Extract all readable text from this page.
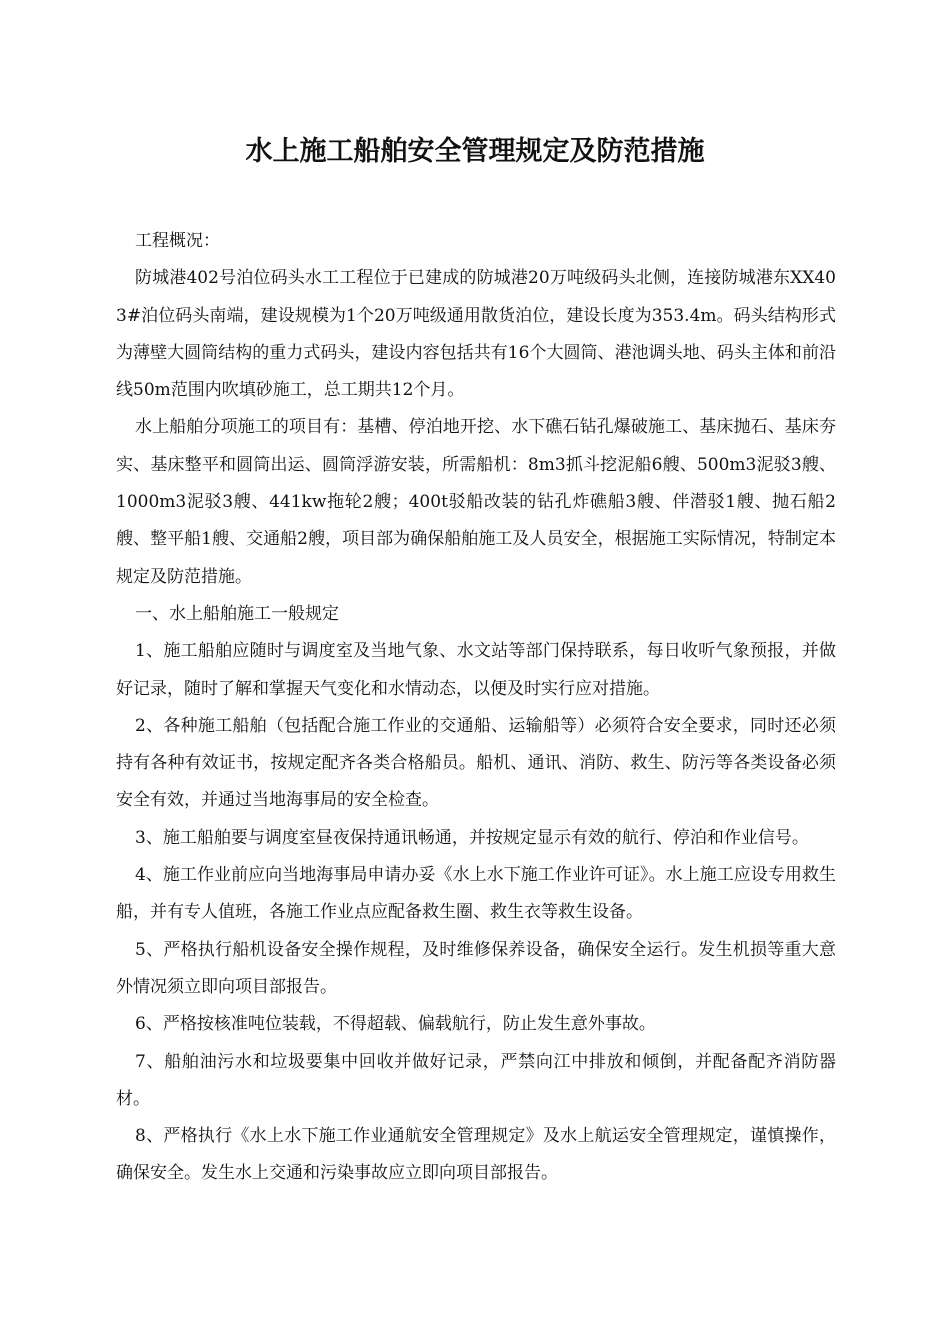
水上施工船舶安全管理规定及防范措施

工程概况：

防城港402号泊位码头水工工程位于已建成的防城港20万吨级码头北侧，连接防城港东XX403#泊位码头南端，建设规模为1个20万吨级通用散货泊位，建设长度为353.4m。码头结构形式为薄壁大圆筒结构的重力式码头，建设内容包括共有16个大圆筒、港池调头地、码头主体和前沿线50m范围内吹填砂施工，总工期共12个月。

水上船舶分项施工的项目有：基槽、停泊地开挖、水下礁石钻孔爆破施工、基床抛石、基床夯实、基床整平和圆筒出运、圆筒浮游安装，所需船机：8m3抓斗挖泥船6艘、500m3泥驳3艘、1000m3泥驳3艘、441kw拖轮2艘；400t驳船改装的钻孔炸礁船3艘、伴潜驳1艘、抛石船2艘、整平船1艘、交通船2艘，项目部为确保船舶施工及人员安全，根据施工实际情况，特制定本规定及防范措施。

一、水上船舶施工一般规定

1、施工船舶应随时与调度室及当地气象、水文站等部门保持联系，每日收听气象预报，并做好记录，随时了解和掌握天气变化和水情动态，以便及时实行应对措施。

2、各种施工船舶（包括配合施工作业的交通船、运输船等）必须符合安全要求，同时还必须持有各种有效证书，按规定配齐各类合格船员。船机、通讯、消防、救生、防污等各类设备必须安全有效，并通过当地海事局的安全检查。

3、施工船舶要与调度室昼夜保持通讯畅通，并按规定显示有效的航行、停泊和作业信号。

4、施工作业前应向当地海事局申请办妥《水上水下施工作业许可证》。水上施工应设专用救生船，并有专人值班，各施工作业点应配备救生圈、救生衣等救生设备。

5、严格执行船机设备安全操作规程，及时维修保养设备，确保安全运行。发生机损等重大意外情况须立即向项目部报告。

6、严格按核准吨位装载，不得超载、偏载航行，防止发生意外事故。

7、船舶油污水和垃圾要集中回收并做好记录，严禁向江中排放和倾倒，并配备配齐消防器材。

8、严格执行《水上水下施工作业通航安全管理规定》及水上航运安全管理规定，谨慎操作，确保安全。发生水上交通和污染事故应立即向项目部报告。
